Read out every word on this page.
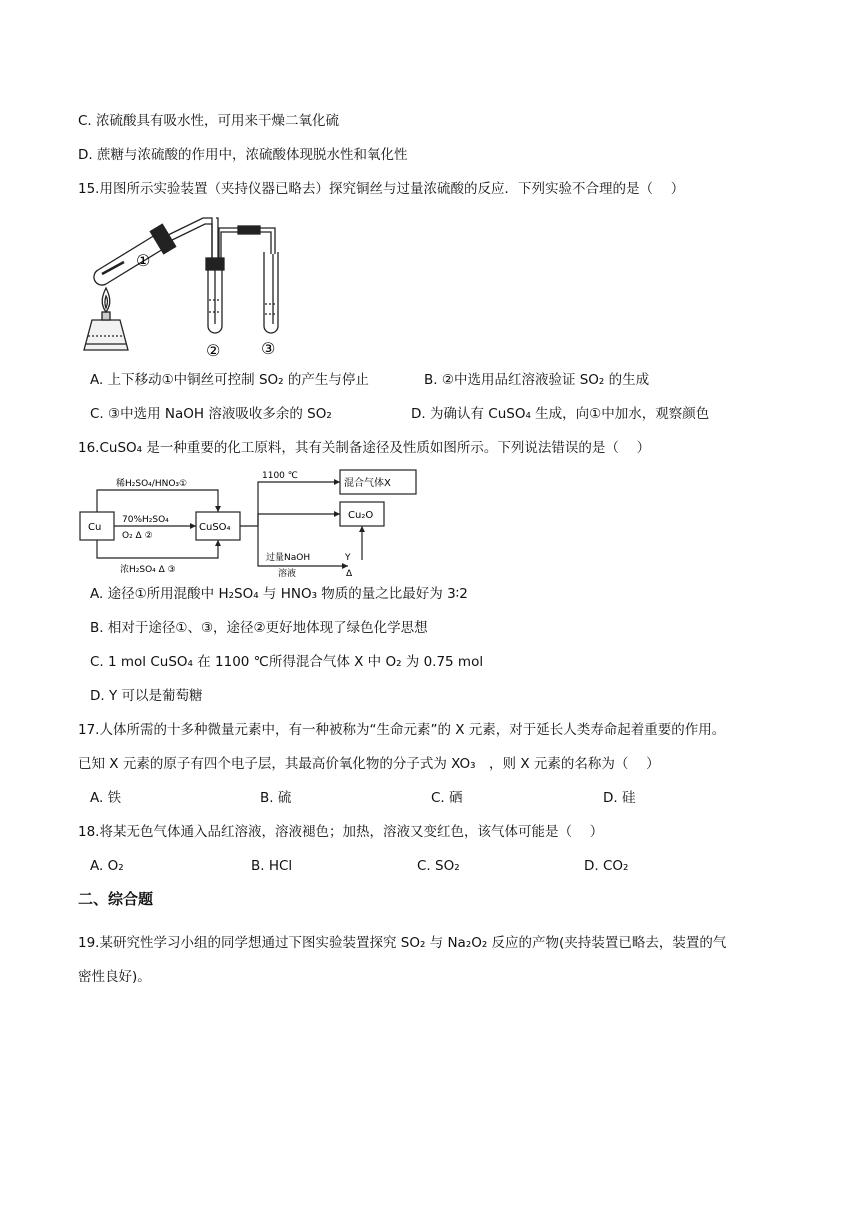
C. 浓硫酸具有吸水性，可用来干燥二氧化硫
D. 蔗糖与浓硫酸的作用中，浓硫酸体现脱水性和氧化性
15.用图所示实验装置（夹持仪器已略去）探究铜丝与过量浓硫酸的反应．下列实验不合理的是（　 ）
①
②	③
A. 上下移动①中铜丝可控制 SO₂ 的产生与停止	B. ②中选用品红溶液验证 SO₂ 的生成
C. ③中选用 NaOH 溶液吸收多余的 SO₂	D. 为确认有 CuSO₄ 生成，向①中加水，观察颜色
16.CuSO₄ 是一种重要的化工原料，其有关制备途径及性质如图所示。下列说法错误的是（　 ）
Cu	CuSO₄
稀H₂SO₄/HNO₃①
70%H₂SO₄
O₂ Δ ②
浓H₂SO₄ Δ ③
1100 ℃
混合气体X
Cu₂O
过量NaOH
溶液
Y
Δ
A. 途径①所用混酸中 H₂SO₄ 与 HNO₃ 物质的量之比最好为 3∶2
B. 相对于途径①、③，途径②更好地体现了绿色化学思想
C. 1 mol CuSO₄ 在 1100 ℃所得混合气体 X 中 O₂ 为 0.75 mol
D. Y 可以是葡萄糖
17.人体所需的十多种微量元素中，有一种被称为“生命元素”的 X 元素，对于延长人类寿命起着重要的作用。
已知 X 元素的原子有四个电子层，其最高价氧化物的分子式为 XO₃　，则 X 元素的名称为（　 ）
A. 铁	B. 硫	C. 硒	D. 硅
18.将某无色气体通入品红溶液，溶液褪色；加热，溶液又变红色，该气体可能是（　 ）
A. O₂	B. HCl	C. SO₂	D. CO₂
二、综合题
19.某研究性学习小组的同学想通过下图实验装置探究 SO₂ 与 Na₂O₂ 反应的产物(夹持装置已略去，装置的气
密性良好)。
